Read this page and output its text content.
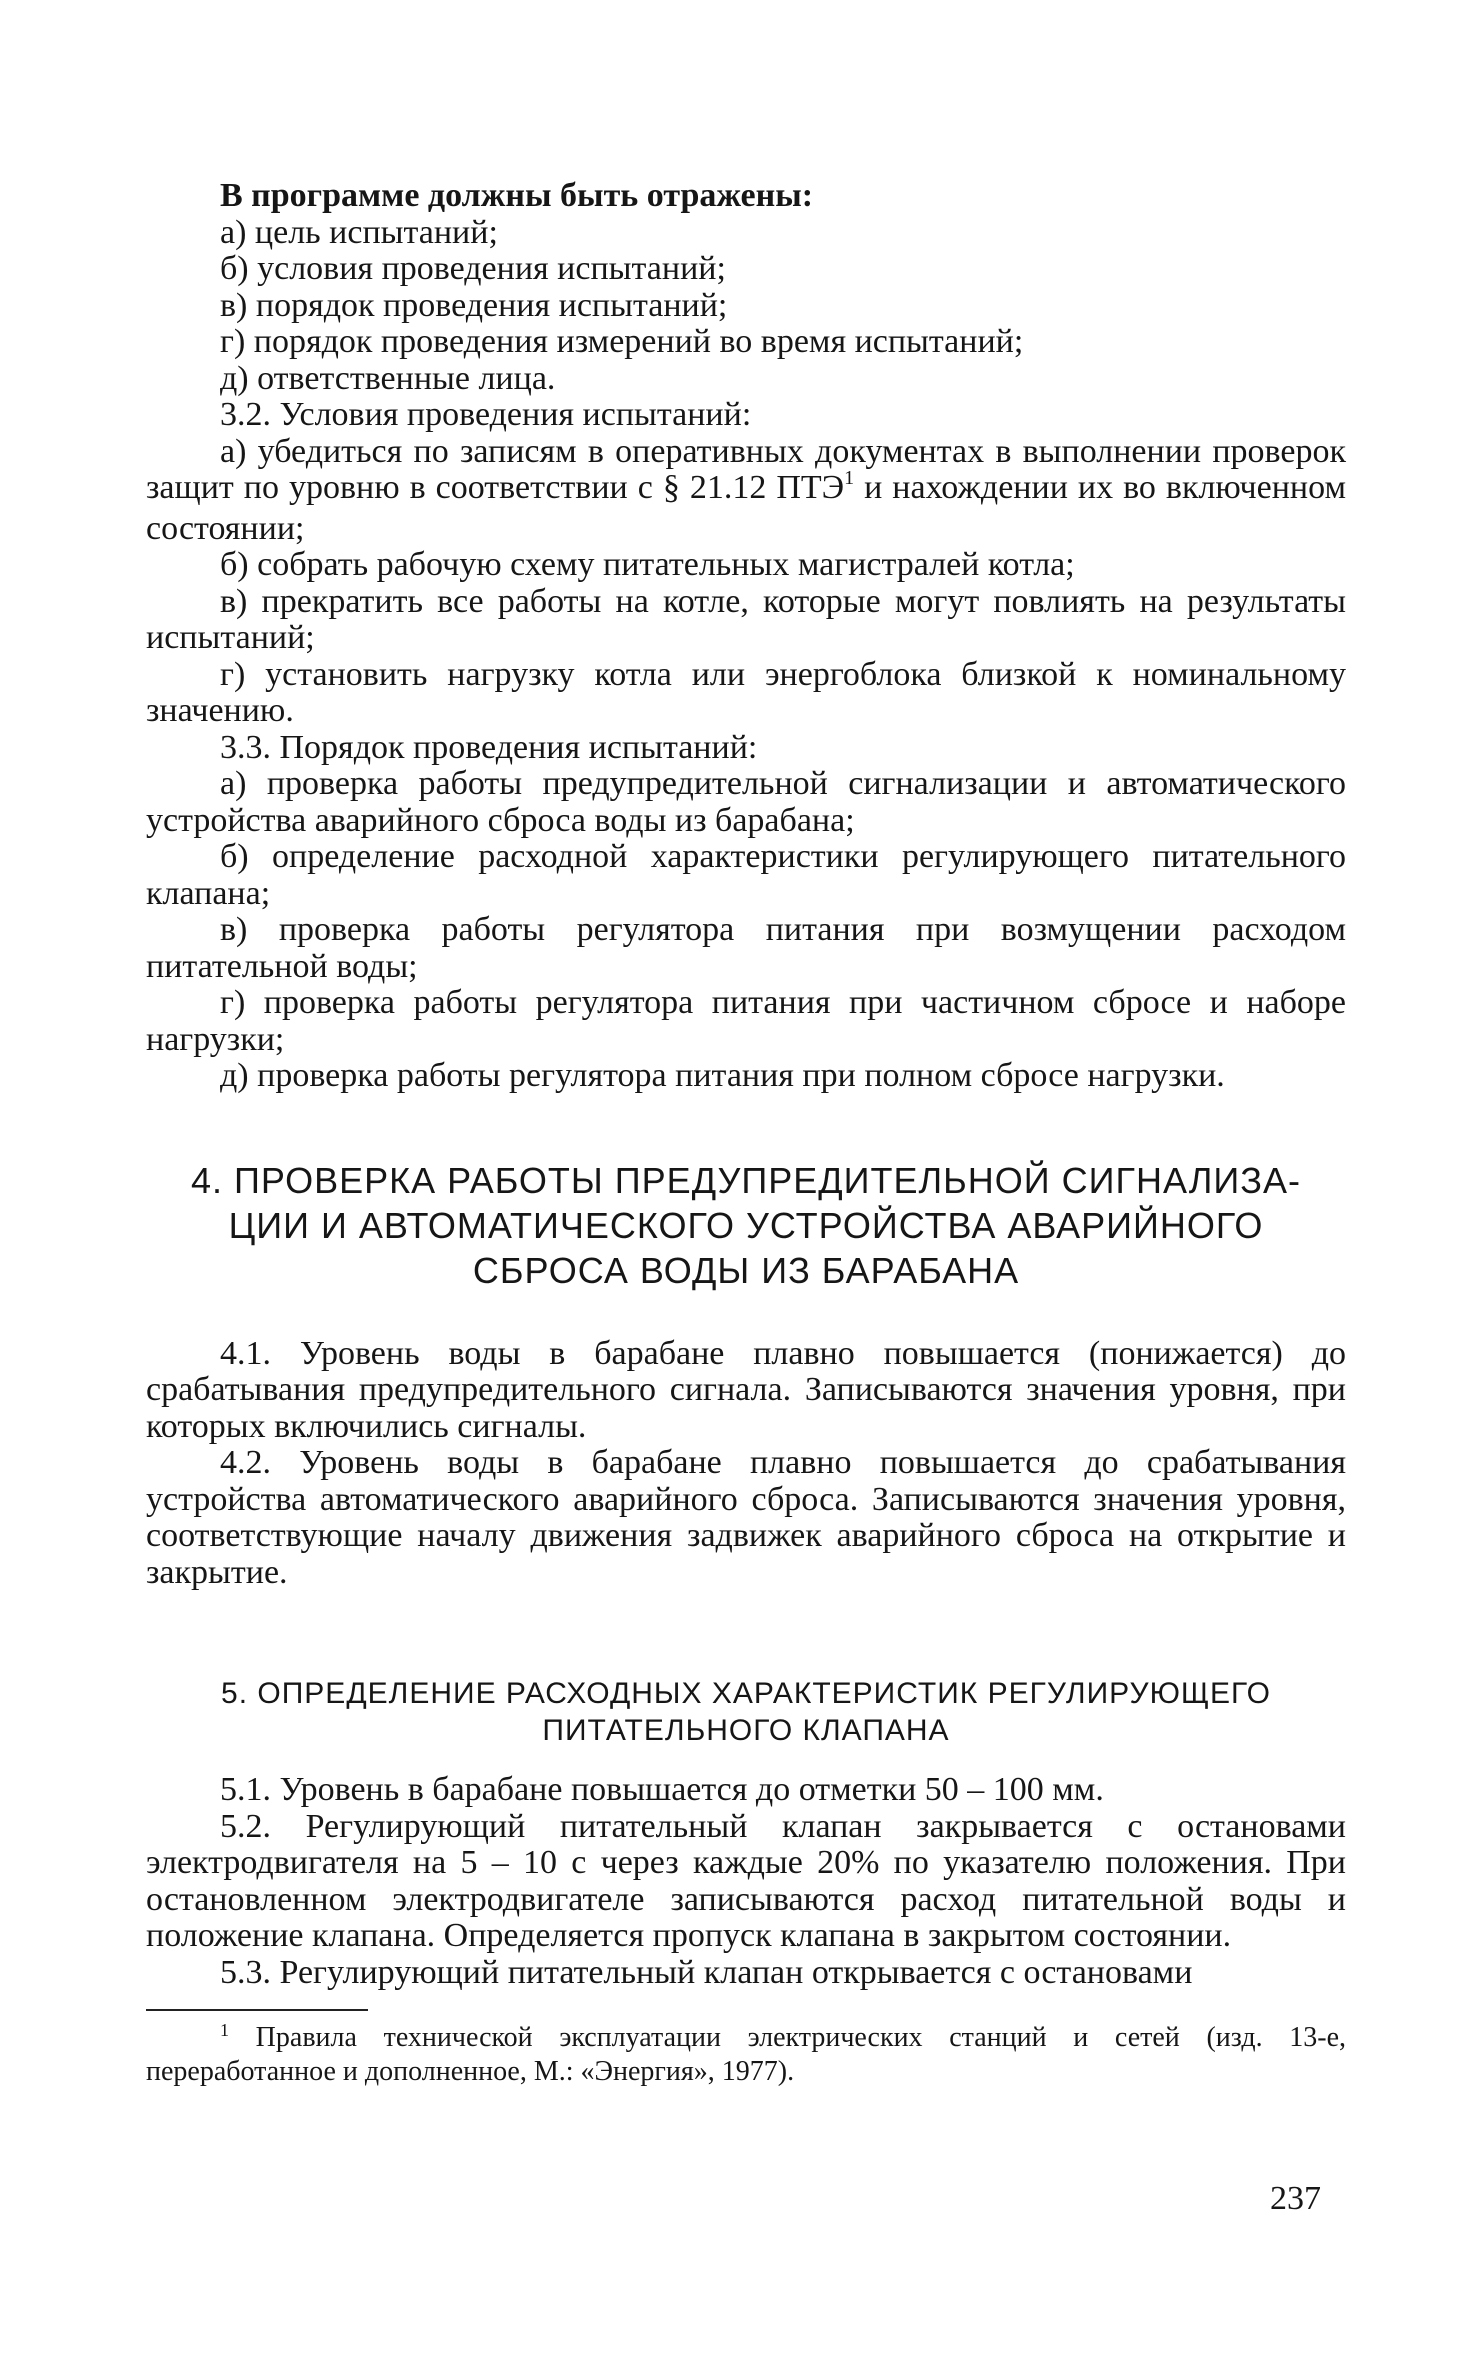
В программе должны быть отражены:

а) цель испытаний;

б) условия проведения испытаний;

в) порядок проведения испытаний;

г) порядок проведения измерений во время испытаний;

д) ответственные лица.

3.2. Условия проведения испытаний:

а) убедиться по записям в оперативных документах в выполнении проверок защит по уровню в соответствии с § 21.12 ПТЭ$^1$ и нахождении их во включенном состоянии;

б) собрать рабочую схему питательных магистралей котла;

в) прекратить все работы на котле, которые могут повлиять на результаты испытаний;

г) установить нагрузку котла или энергоблока близкой к номинальному значению.

3.3. Порядок проведения испытаний:

а) проверка работы предупредительной сигнализации и автоматического устройства аварийного сброса воды из барабана;

б) определение расходной характеристики регулирующего питательного клапана;

в) проверка работы регулятора питания при возмущении расходом питательной воды;

г) проверка работы регулятора питания при частичном сбросе и наборе нагрузки;

д) проверка работы регулятора питания при полном сбросе нагрузки.

4. ПРОВЕРКА РАБОТЫ ПРЕДУПРЕДИТЕЛЬНОЙ СИГНАЛИЗА-
ЦИИ И АВТОМАТИЧЕСКОГО УСТРОЙСТВА АВАРИЙНОГО
СБРОСА ВОДЫ ИЗ БАРАБАНА

4.1. Уровень воды в барабане плавно повышается (понижается) до срабатывания предупредительного сигнала. Записываются значения уровня, при которых включились сигналы.

4.2. Уровень воды в барабане плавно повышается до срабатывания устройства автоматического аварийного сброса. Записываются значения уровня, соответствующие началу движения задвижек аварийного сброса на открытие и закрытие.

5. ОПРЕДЕЛЕНИЕ РАСХОДНЫХ ХАРАКТЕРИСТИК РЕГУЛИРУЮЩЕГО
ПИТАТЕЛЬНОГО КЛАПАНА

5.1. Уровень в барабане повышается до отметки 50 – 100 мм.

5.2. Регулирующий питательный клапан закрывается с остановами электродвигателя на 5 – 10 с через каждые 20% по указателю положения. При остановленном электродвигателе записываются расход питательной воды и положение клапана. Определяется пропуск клапана в закрытом состоянии.

5.3. Регулирующий питательный клапан открывается с остановами

$^1$ Правила технической эксплуатации электрических станций и сетей (изд. 13-е, переработанное и дополненное, М.: «Энергия», 1977).

237
